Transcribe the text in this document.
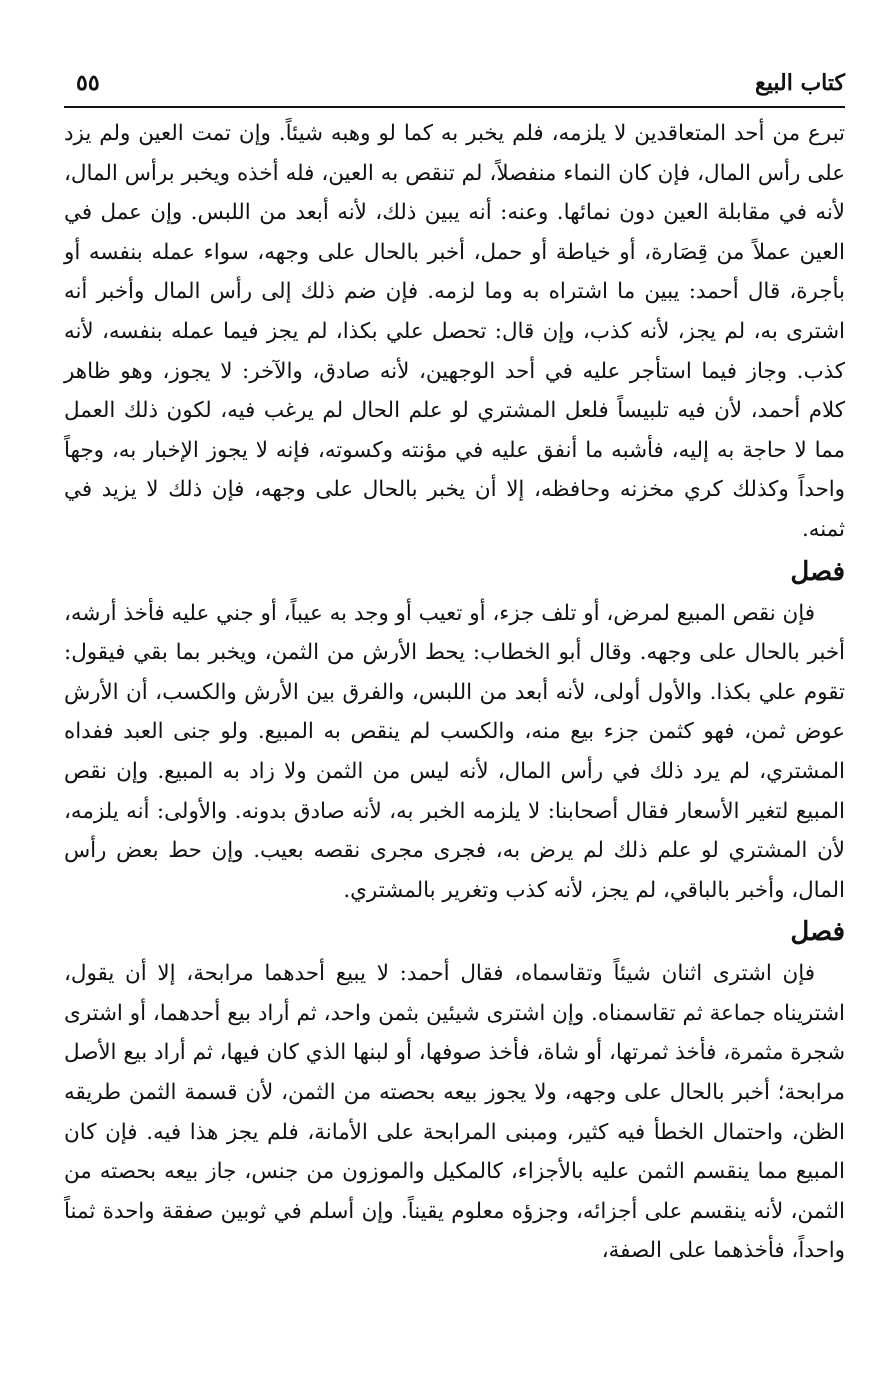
كتاب البيع
٥٥

تبرع من أحد المتعاقدين لا يلزمه، فلم يخبر به كما لو وهبه شيئاً. وإن تمت العين ولم يزد على رأس المال، فإن كان النماء منفصلاً، لم تنقص به العين، فله أخذه ويخبر برأس المال، لأنه في مقابلة العين دون نمائها. وعنه: أنه يبين ذلك، لأنه أبعد من اللبس. وإن عمل في العين عملاً من قِصَارة، أو خياطة أو حمل، أخبر بالحال على وجهه، سواء عمله بنفسه أو بأجرة، قال أحمد: يبين ما اشتراه به وما لزمه. فإن ضم ذلك إلى رأس المال وأخبر أنه اشترى به، لم يجز، لأنه كذب، وإن قال: تحصل علي بكذا، لم يجز فيما عمله بنفسه، لأنه كذب. وجاز فيما استأجر عليه في أحد الوجهين، لأنه صادق، والآخر: لا يجوز، وهو ظاهر كلام أحمد، لأن فيه تلبيساً فلعل المشتري لو علم الحال لم يرغب فيه، لكون ذلك العمل مما لا حاجة به إليه، فأشبه ما أنفق عليه في مؤنته وكسوته، فإنه لا يجوز الإخبار به، وجهاً واحداً وكذلك كري مخزنه وحافظه، إلا أن يخبر بالحال على وجهه، فإن ذلك لا يزيد في ثمنه.

فصل

فإن نقص المبيع لمرض، أو تلف جزء، أو تعيب أو وجد به عيباً، أو جني عليه فأخذ أرشه، أخبر بالحال على وجهه. وقال أبو الخطاب: يحط الأرش من الثمن، ويخبر بما بقي فيقول: تقوم علي بكذا. والأول أولى، لأنه أبعد من اللبس، والفرق بين الأرش والكسب، أن الأرش عوض ثمن، فهو كثمن جزء بيع منه، والكسب لم ينقص به المبيع. ولو جنى العبد ففداه المشتري، لم يرد ذلك في رأس المال، لأنه ليس من الثمن ولا زاد به المبيع. وإن نقص المبيع لتغير الأسعار فقال أصحابنا: لا يلزمه الخبر به، لأنه صادق بدونه. والأولى: أنه يلزمه، لأن المشتري لو علم ذلك لم يرض به، فجرى مجرى نقصه بعيب. وإن حط بعض رأس المال، وأخبر بالباقي، لم يجز، لأنه كذب وتغرير بالمشتري.

فصل

فإن اشترى اثنان شيئاً وتقاسماه، فقال أحمد: لا يبيع أحدهما مرابحة، إلا أن يقول، اشتريناه جماعة ثم تقاسمناه. وإن اشترى شيئين بثمن واحد، ثم أراد بيع أحدهما، أو اشترى شجرة مثمرة، فأخذ ثمرتها، أو شاة، فأخذ صوفها، أو لبنها الذي كان فيها، ثم أراد بيع الأصل مرابحة؛ أخبر بالحال على وجهه، ولا يجوز بيعه بحصته من الثمن، لأن قسمة الثمن طريقه الظن، واحتمال الخطأ فيه كثير، ومبنى المرابحة على الأمانة، فلم يجز هذا فيه. فإن كان المبيع مما ينقسم الثمن عليه بالأجزاء، كالمكيل والموزون من جنس، جاز بيعه بحصته من الثمن، لأنه ينقسم على أجزائه، وجزؤه معلوم يقيناً. وإن أسلم في ثوبين صفقة واحدة ثمناً واحداً، فأخذهما على الصفة،
